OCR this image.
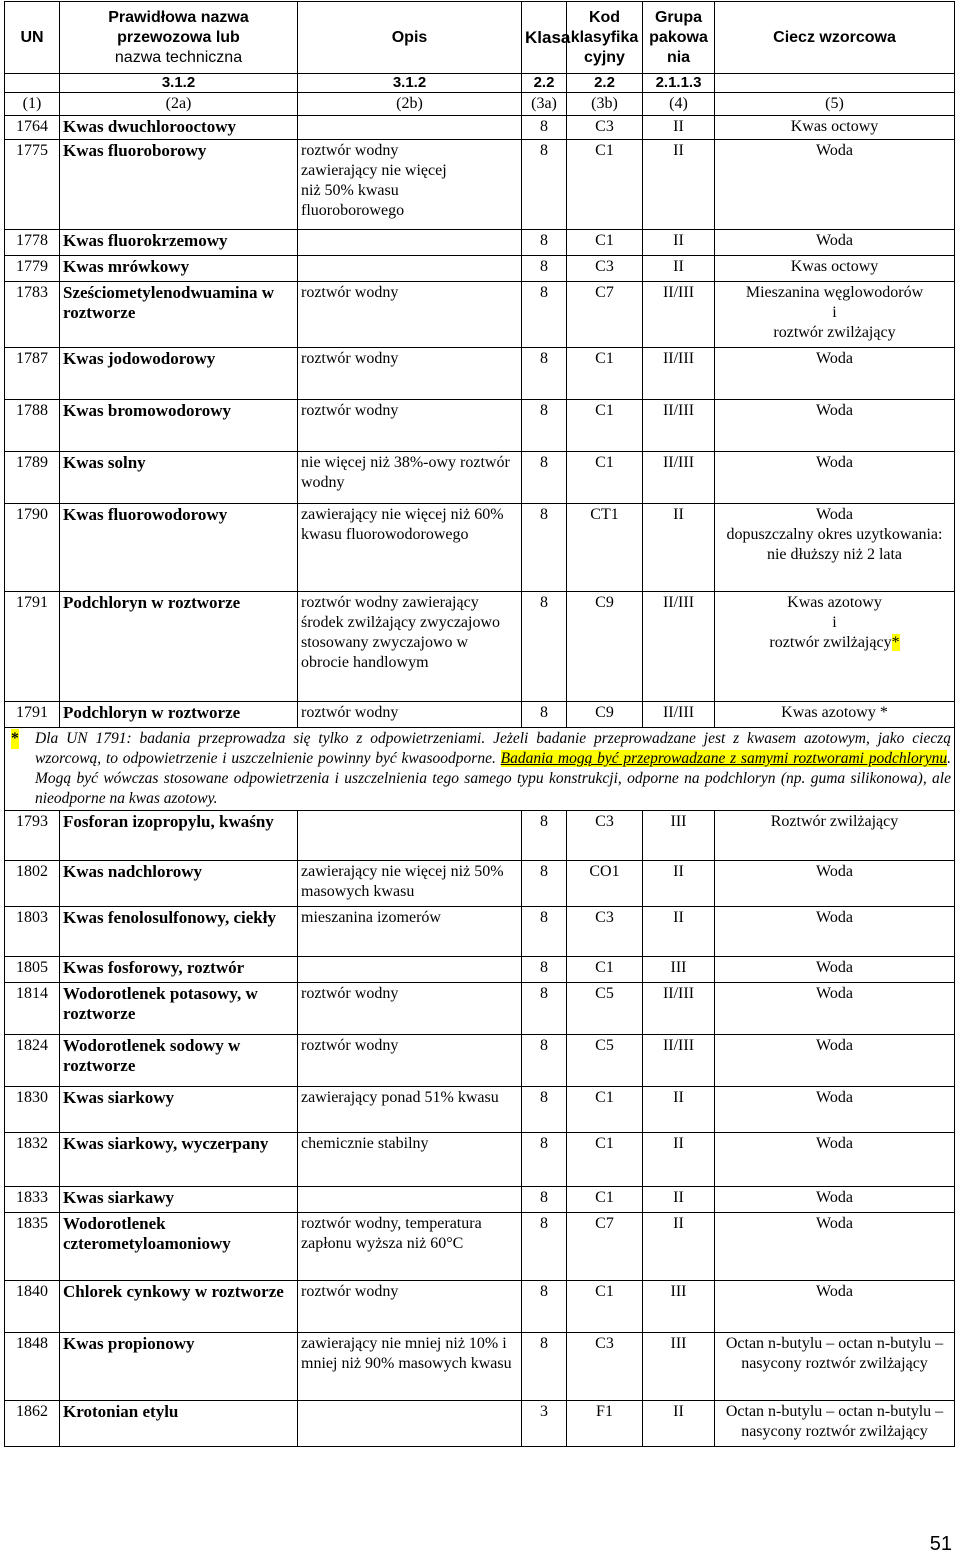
UN	Prawidłowa nazwa
przewozowa lub
nazwa techniczna	Opis	Klasa	Kod
klasyfika
cyjny	Grupa
pakowa
nia	Ciecz wzorcowa
	3.1.2	3.1.2	2.2	2.2	2.1.1.3	
(1)	(2a)	(2b)	(3a)	(3b)	(4)	(5)
1764	Kwas dwuchlorooctowy		8	C3	II	Kwas octowy
1775	Kwas fluoroborowy	roztwór wodny zawierający nie więcej niż 50% kwasu fluoroborowego	8	C1	II	Woda
1778	Kwas fluorokrzemowy		8	C1	II	Woda
1779	Kwas mrówkowy		8	C3	II	Kwas octowy
1783	Sześciometylenodwuamina w roztworze	roztwór wodny	8	C7	II/III	Mieszanina węglowodorów
i
roztwór zwilżający
1787	Kwas jodowodorowy	roztwór wodny	8	C1	II/III	Woda
1788	Kwas bromowodorowy	roztwór wodny	8	C1	II/III	Woda
1789	Kwas solny	nie więcej niż 38%-owy roztwór wodny	8	C1	II/III	Woda
1790	Kwas fluorowodorowy	zawierający nie więcej niż 60% kwasu fluorowodorowego	8	CT1	II	Woda
dopuszczalny okres uzytkowania: nie dłuższy niż 2 lata
1791	Podchloryn w roztworze	roztwór wodny zawierający środek zwilżający zwyczajowo stosowany zwyczajowo w obrocie handlowym	8	C9	II/III	Kwas azotowy
i
roztwór zwilżający*
1791	Podchloryn w roztworze	roztwór wodny	8	C9	II/III	Kwas azotowy *

* Dla UN 1791: badania przeprowadza się tylko z odpowietrzeniami. Jeżeli badanie przeprowadzane jest z kwasem azotowym, jako cieczą wzorcową, to odpowietrzenie i uszczelnienie powinny być kwasoodporne. Badania mogą być przeprowadzane z samymi roztworami podchlorynu. Mogą być wówczas stosowane odpowietrzenia i uszczelnienia tego samego typu konstrukcji, odporne na podchloryn (np. guma silikonowa), ale nieodporne na kwas azotowy.						
1793	Fosforan izopropylu, kwaśny		8	C3	III	Roztwór zwilżający
1802	Kwas nadchlorowy	zawierający nie więcej niż 50% masowych kwasu	8	CO1	II	Woda
1803	Kwas fenolosulfonowy, ciekły	mieszanina izomerów	8	C3	II	Woda
1805	Kwas fosforowy, roztwór		8	C1	III	Woda
1814	Wodorotlenek potasowy, w roztworze	roztwór wodny	8	C5	II/III	Woda
1824	Wodorotlenek sodowy w roztworze	roztwór wodny	8	C5	II/III	Woda
1830	Kwas siarkowy	zawierający ponad 51% kwasu	8	C1	II	Woda
1832	Kwas siarkowy, wyczerpany	chemicznie stabilny	8	C1	II	Woda
1833	Kwas siarkawy		8	C1	II	Woda
1835	Wodorotlenek czterometyloamoniowy	roztwór wodny, temperatura zapłonu wyższa niż 60°C	8	C7	II	Woda
1840	Chlorek cynkowy w roztworze	roztwór wodny	8	C1	III	Woda
1848	Kwas propionowy	zawierający nie mniej niż 10% i mniej niż 90% masowych kwasu	8	C3	III	Octan n-butylu – octan n-butylu –nasycony roztwór zwilżający
1862	Krotonian etylu		3	F1	II	Octan n-butylu – octan n-butylu –nasycony roztwór zwilżający
51
